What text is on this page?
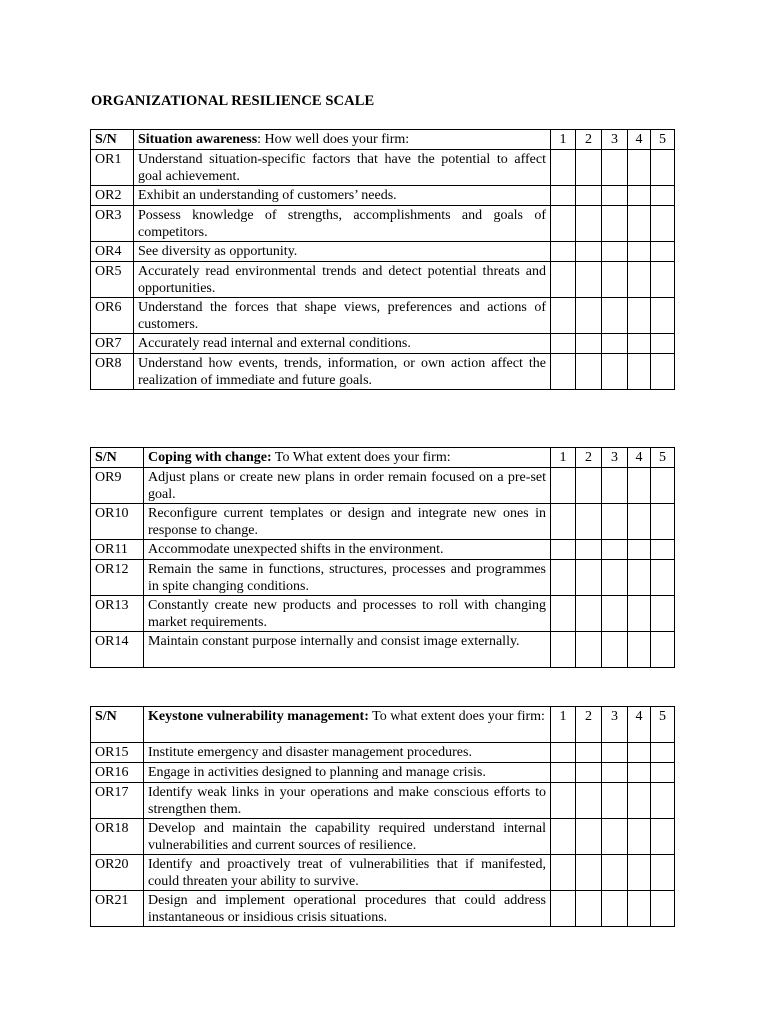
ORGANIZATIONAL RESILIENCE SCALE
S/N	Situation awareness: How well does your firm:	1	2	3	4	5
OR1	Understand situation-specific factors that have the potential to affect goal achievement.					
OR2	Exhibit an understanding of customers’ needs.					
OR3	Possess knowledge of strengths, accomplishments and goals of competitors.					
OR4	See diversity as opportunity.					
OR5	Accurately read environmental trends and detect potential threats and opportunities.					
OR6	Understand the forces that shape views, preferences and actions of customers.					
OR7	Accurately read internal and external conditions.					
OR8	Understand how events, trends, information, or own action affect the realization of immediate and future goals.					
S/N	Coping with change: To What extent does your firm:	1	2	3	4	5
OR9	Adjust plans or create new plans in order remain focused on a pre-set goal.					
OR10	Reconfigure current templates or design and integrate new ones in response to change.					
OR11	Accommodate unexpected shifts in the environment.					
OR12	Remain the same in functions, structures, processes and programmes in spite changing conditions.					
OR13	Constantly create new products and processes to roll with changing market requirements.					
OR14	Maintain constant purpose internally and consist image externally.					
S/N	Keystone vulnerability management: To what extent does your firm:	1	2	3	4	5
OR15	Institute emergency and disaster management procedures.					
OR16	Engage in activities designed to planning and manage crisis.					
OR17	Identify weak links in your operations and make conscious efforts to strengthen them.					
OR18	Develop and maintain the capability required understand internal vulnerabilities and current sources of resilience.					
OR20	Identify and proactively treat of vulnerabilities that if manifested, could threaten your ability to survive.					
OR21	Design and implement operational procedures that could address instantaneous or insidious crisis situations.					
